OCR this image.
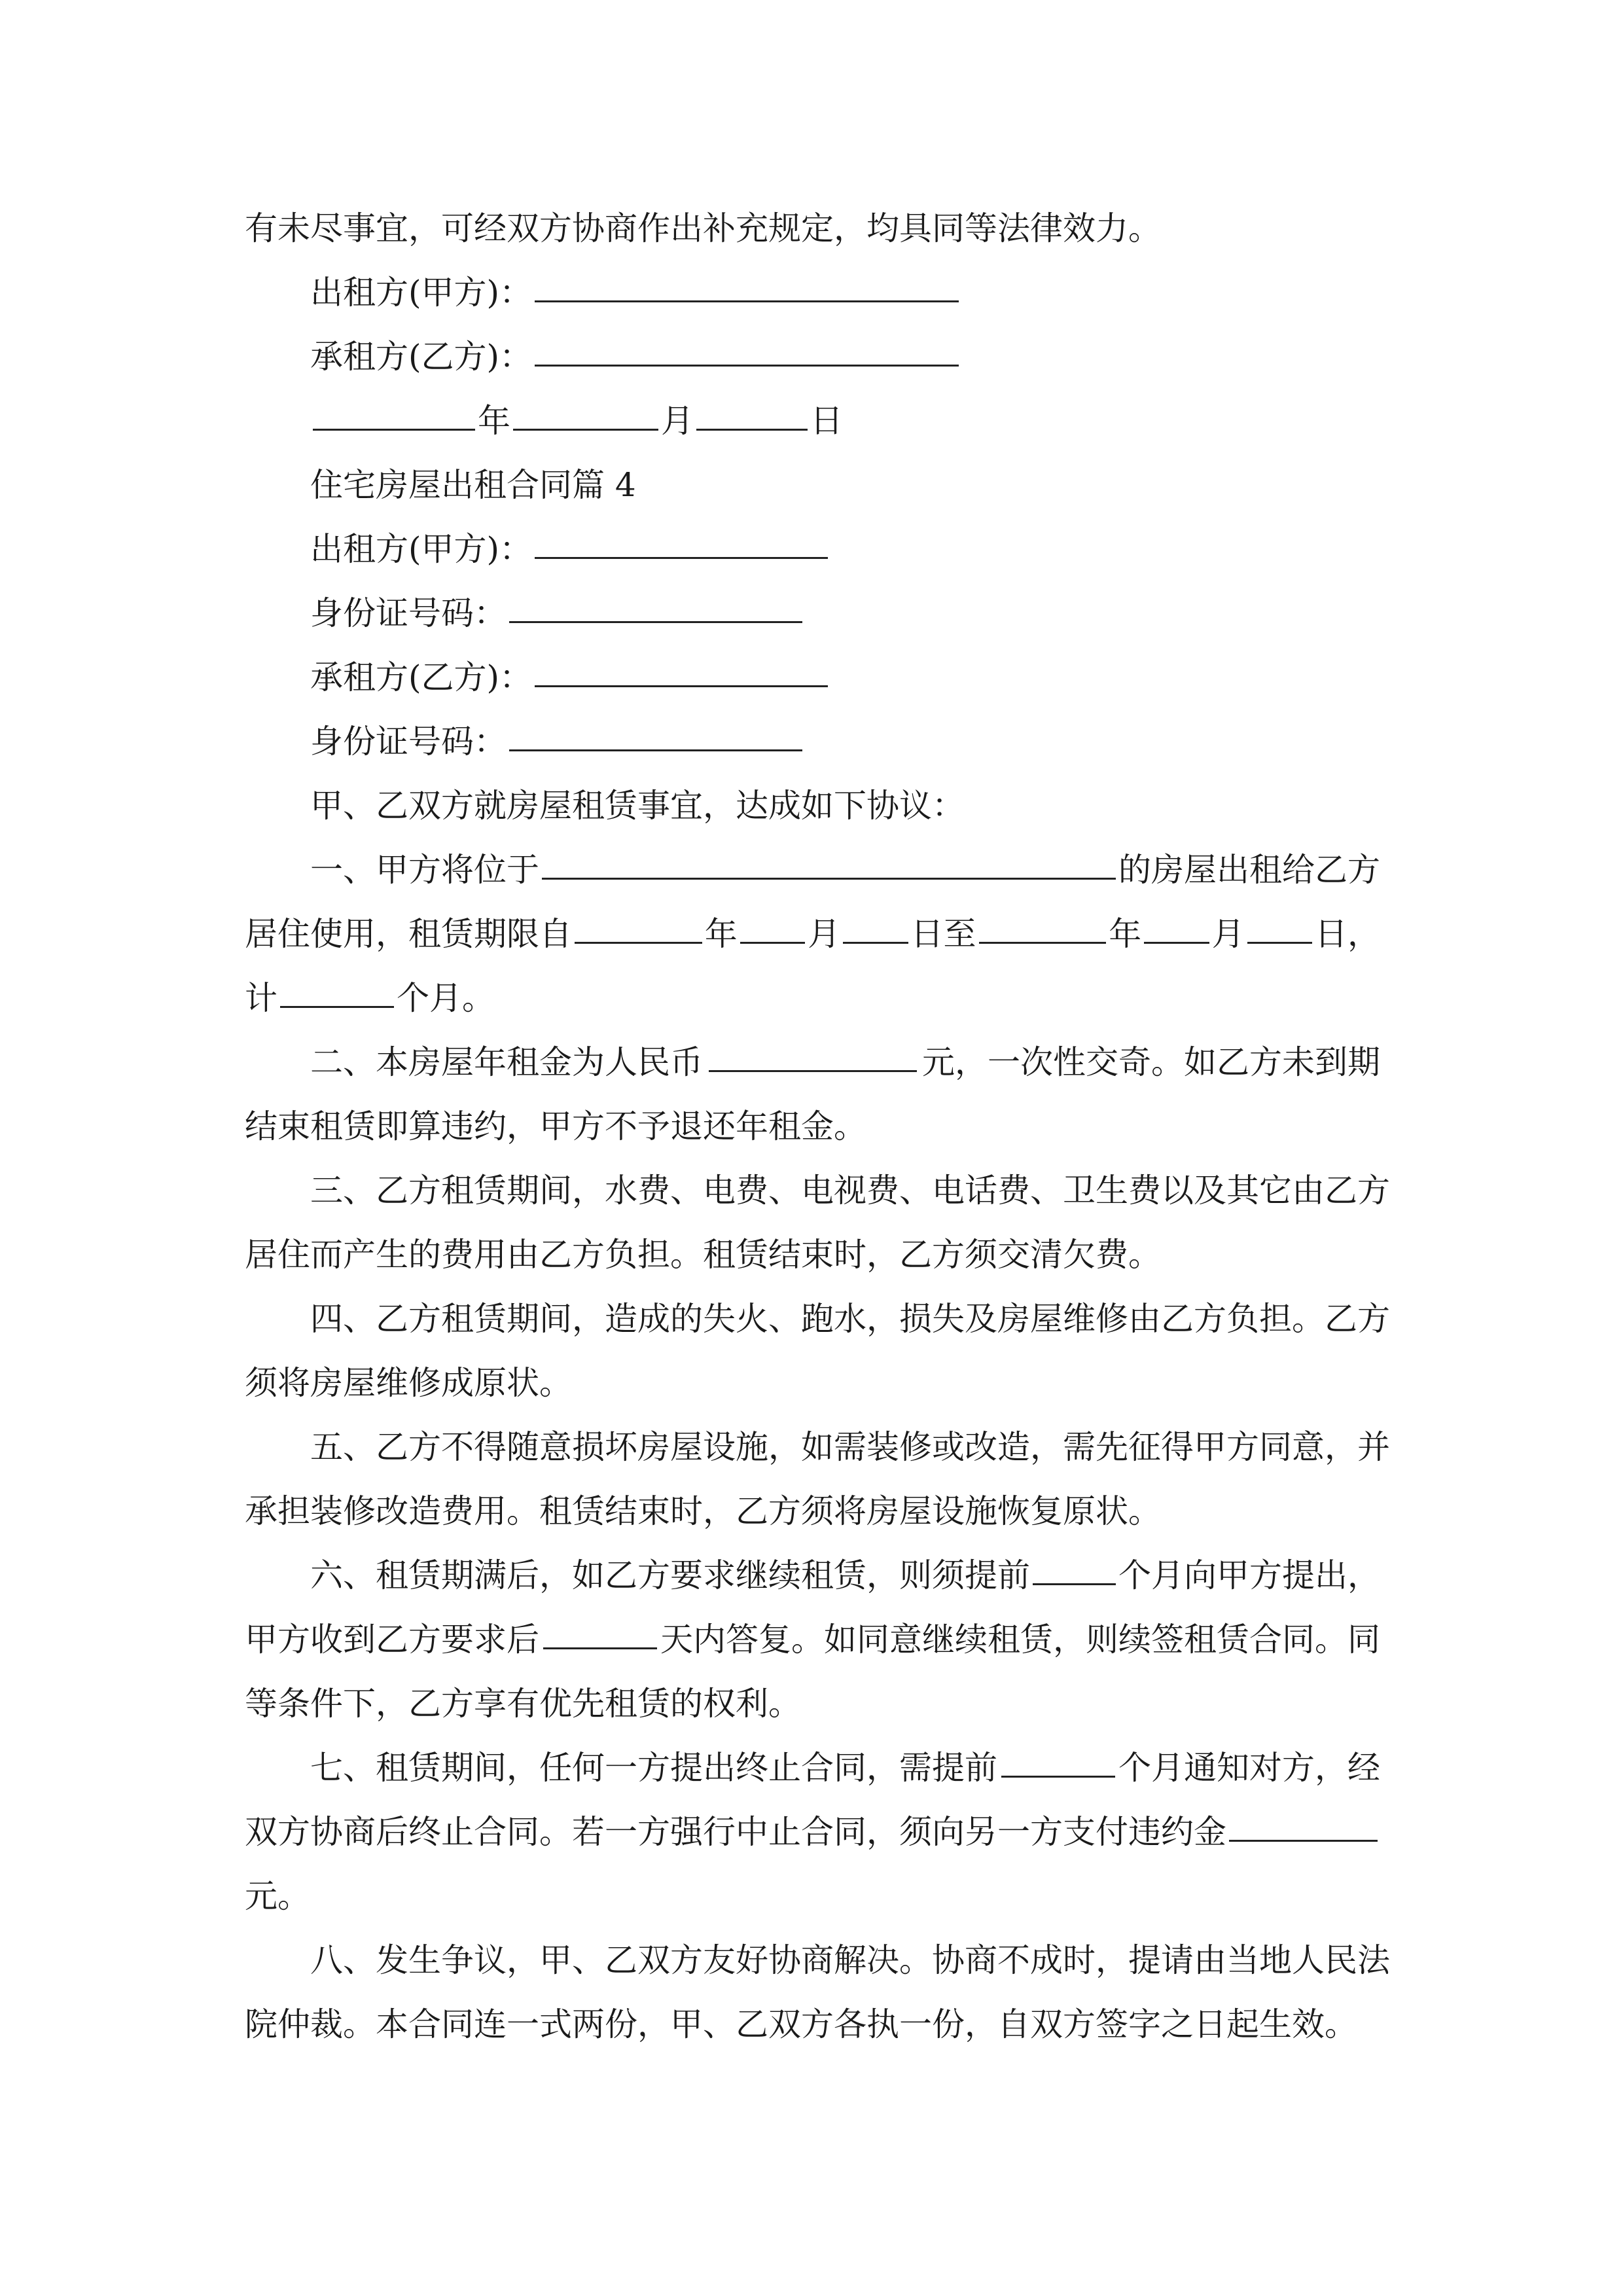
有未尽事宜，可经双方协商作出补充规定，均具同等法律效力。
出租方(甲方)：
承租方(乙方)：
年	月	日
住宅房屋出租合同篇 4
出租方(甲方)：
身份证号码：
承租方(乙方)：
身份证号码：
甲、乙双方就房屋租赁事宜，达成如下协议：
一、甲方将位于	的房屋出租给乙方
居住使用，租赁期限自	年 月 日至	年 月 日，
计	个月。
二、本房屋年租金为人民币	元，一次性交奇。如乙方未到期
结束租赁即算违约，甲方不予退还年租金。
三、乙方租赁期间，水费、电费、电视费、电话费、卫生费以及其它由乙方
居住而产生的费用由乙方负担。租赁结束时，乙方须交清欠费。
四、乙方租赁期间，造成的失火、跑水，损失及房屋维修由乙方负担。乙方
须将房屋维修成原状。
五、乙方不得随意损坏房屋设施，如需装修或改造，需先征得甲方同意，并
承担装修改造费用。租赁结束时，乙方须将房屋设施恢复原状。
六、租赁期满后，如乙方要求继续租赁，则须提前	个月向甲方提出，
甲方收到乙方要求后	天内答复。如同意继续租赁，则续签租赁合同。同
等条件下，乙方享有优先租赁的权利。
七、租赁期间，任何一方提出终止合同，需提前	个月通知对方，经
双方协商后终止合同。若一方强行中止合同，须向另一方支付违约金
元。
八、发生争议，甲、乙双方友好协商解决。协商不成时，提请由当地人民法
院仲裁。本合同连一式两份，甲、乙双方各执一份，自双方签字之日起生效。
